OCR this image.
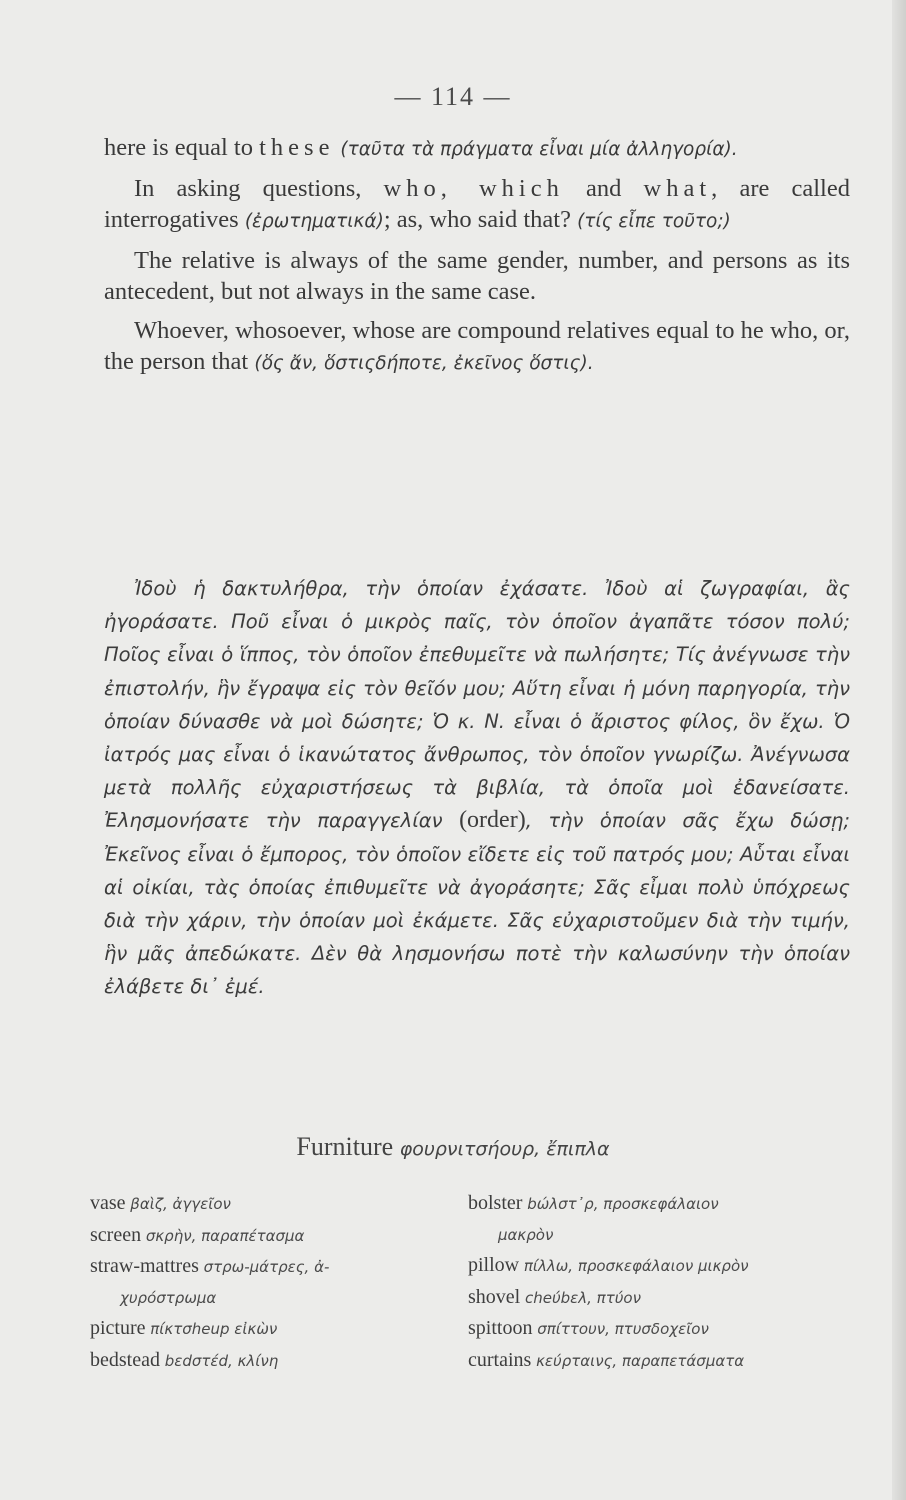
— 114 —

here is equal to these (ταῦτα τὰ πράγματα εἶναι μία ἀλληγορία).

In asking questions, who, which and what, are called interrogatives (ἐρωτηματικά); as, who said that? (τίς εἶπε τοῦτο;)

The relative is always of the same gender, number, and persons as its antecedent, but not always in the same case.

Whoever, whosoever, whose are compound relatives equal to he who, or, the person that (ὅς ἄν, ὅστιςδήποτε, ἐκεῖνος ὅστις).

Ἰδοὺ ἡ δακτυλήθρα, τὴν ὁποίαν ἐχάσατε. Ἰδοὺ αἱ ζωγραφίαι, ἃς ἠγοράσατε. Ποῦ εἶναι ὁ μικρὸς παῖς, τὸν ὁποῖον ἀγαπᾶτε τόσον πολύ; Ποῖος εἶναι ὁ ἵππος, τὸν ὁποῖον ἐπεθυμεῖτε νὰ πωλήσητε; Τίς ἀνέγνωσε τὴν ἐπιστολήν, ἣν ἔγραψα εἰς τὸν θεῖόν μου; Αὕτη εἶναι ἡ μόνη παρηγορία, τὴν ὁποίαν δύνασθε νὰ μοὶ δώσητε; Ὁ κ. Ν. εἶναι ὁ ἄριστος φίλος, ὃν ἔχω. Ὁ ἰατρός μας εἶναι ὁ ἱκανώτατος ἄνθρωπος, τὸν ὁποῖον γνωρίζω. Ἀνέγνωσα μετὰ πολλῆς εὐχαριστήσεως τὰ βιβλία, τὰ ὁποῖα μοὶ ἐδανείσατε. Ἐλησμονήσατε τὴν παραγγελίαν (order), τὴν ὁποίαν σᾶς ἔχω δώσῃ; Ἐκεῖνος εἶναι ὁ ἔμπορος, τὸν ὁποῖον εἴδετε εἰς τοῦ πατρός μου; Αὗται εἶναι αἱ οἰκίαι, τὰς ὁποίας ἐπιθυμεῖτε νὰ ἀγοράσητε; Σᾶς εἶμαι πολὺ ὑπόχρεως διὰ τὴν χάριν, τὴν ὁποίαν μοὶ ἐκάμετε. Σᾶς εὐχαριστοῦμεν διὰ τὴν τιμήν, ἣν μᾶς ἀπεδώκατε. Δὲν θὰ λησμονήσω ποτὲ τὴν καλωσύνην τὴν ὁποίαν ἐλάβετε δι᾽ ἐμέ.
Furniture φουρνιτσήουρ, ἔπιπλα
vase βαὶζ, ἀγγεῖον
screen σκρὴν, παραπέτασμα
straw-mattres στρω-μάτρες, ἀ-
χυρόστρωμα
picture πίκτσheup εἰκὼν
bedstead bεdστέd, κλίνη
bolster bώλστ᾽ρ, προσκεφάλαιον
μακρὸν
pillow πίλλω, προσκεφάλαιον μικρὸν
shovel cheύbελ, πτύον
spittoon σπίττουν, πτυσδοχεῖον
curtains κεύρταινς, παραπετάσματα
